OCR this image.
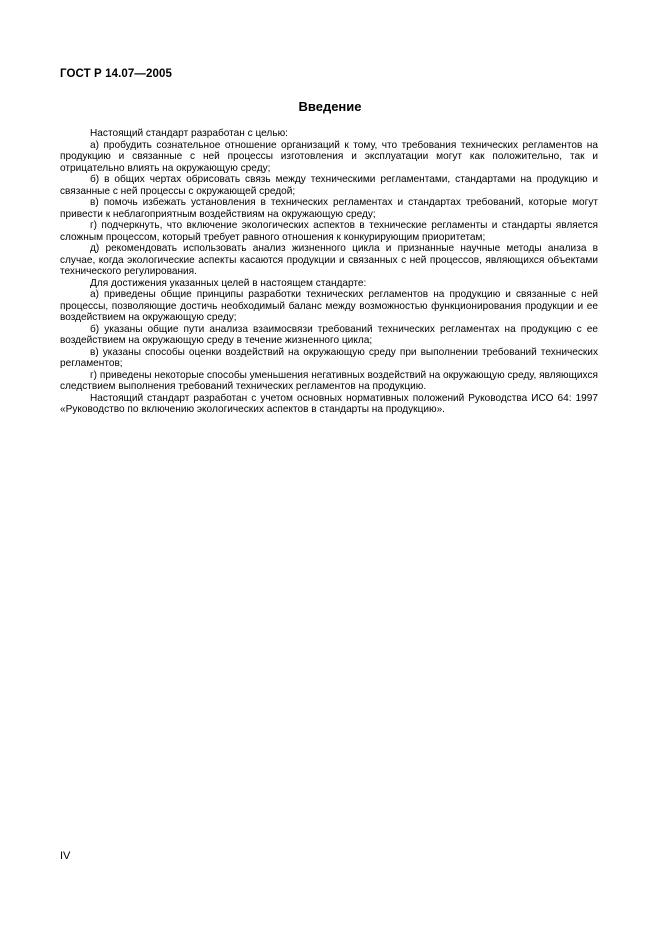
ГОСТ Р 14.07—2005
Введение

Настоящий стандарт разработан с целью:

а) пробудить сознательное отношение организаций к тому, что требования технических регламентов на продукцию и связанные с ней процессы изготовления и эксплуатации могут как положительно, так и отрицательно влиять на окружающую среду;

б) в общих чертах обрисовать связь между техническими регламентами, стандартами на продукцию и связанные с ней процессы с окружающей средой;

в) помочь избежать установления в технических регламентах и стандартах требований, которые могут привести к неблагоприятным воздействиям на окружающую среду;

г) подчеркнуть, что включение экологических аспектов в технические регламенты и стандарты является сложным процессом, который требует равного отношения к конкурирующим приоритетам;

д) рекомендовать использовать анализ жизненного цикла и признанные научные методы анализа в случае, когда экологические аспекты касаются продукции и связанных с ней процессов, являющихся объектами технического регулирования.

Для достижения указанных целей в настоящем стандарте:

а) приведены общие принципы разработки технических регламентов на продукцию и связанные с ней процессы, позволяющие достичь необходимый баланс между возможностью функционирования продукции и ее воздействием на окружающую среду;

б) указаны общие пути анализа взаимосвязи требований технических регламентах на продукцию с ее воздействием на окружающую среду в течение жизненного цикла;

в) указаны способы оценки воздействий на окружающую среду при выполнении требований технических регламентов;

г) приведены некоторые способы уменьшения негативных воздействий на окружающую среду, являющихся следствием выполнения требований технических регламентов на продукцию.

Настоящий стандарт разработан с учетом основных нормативных положений Руководства ИСО 64: 1997 «Руководство по включению экологических аспектов в стандарты на продукцию».

IV
